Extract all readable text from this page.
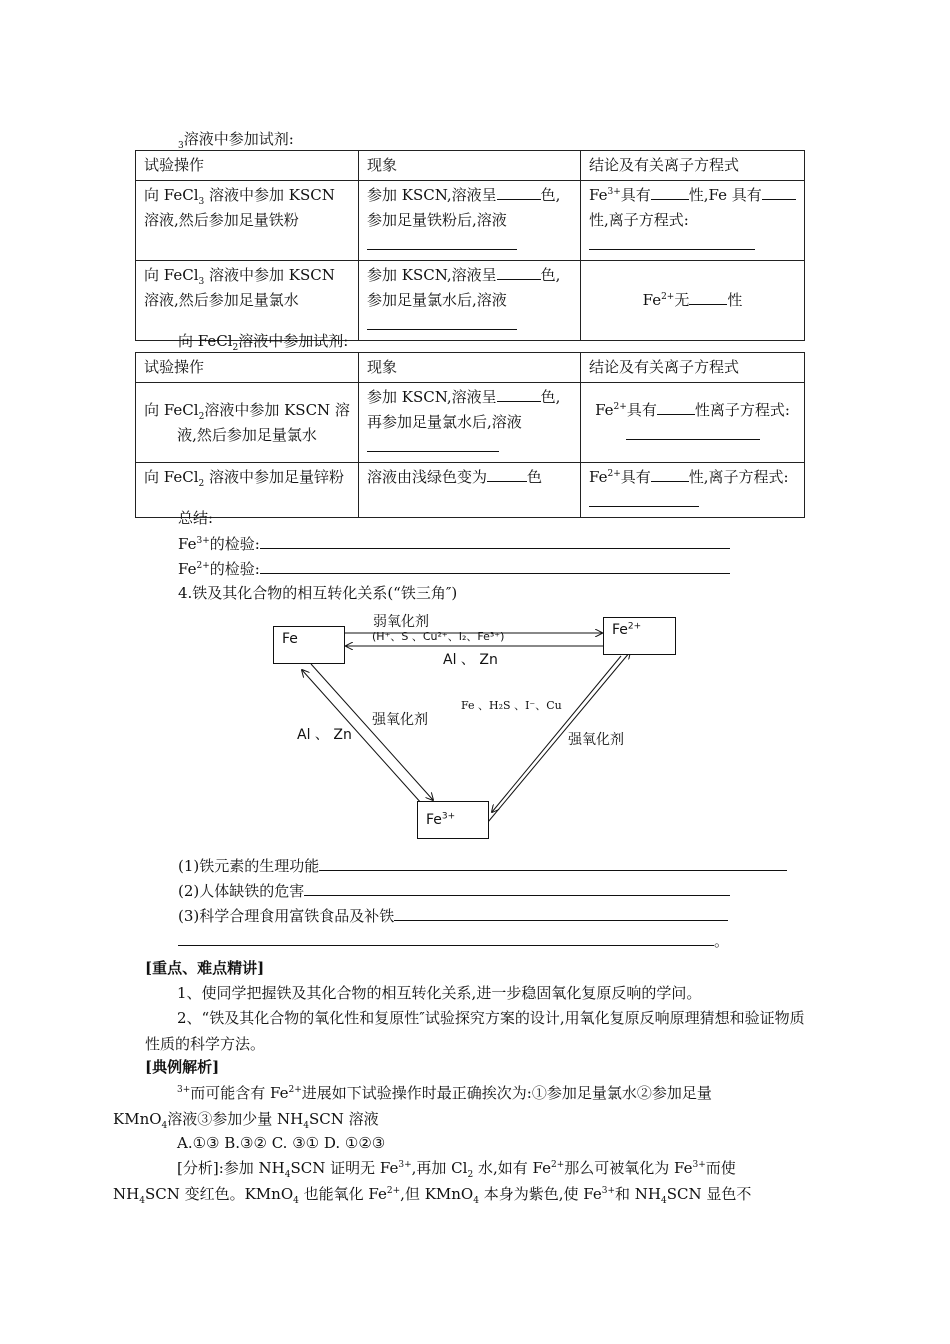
$_3$溶液中参加试剂:
试验操作	现象	结论及有关离子方程式
向 FeCl$_3$ 溶液中参加 KSCN 溶液,然后参加足量铁粉	参加 KSCN,溶液呈 色,参加足量铁粉后,溶液	$Fe^{3+}$具有 性,Fe 具有性,离子方程式:

向 FeCl$_3$ 溶液中参加 KSCN 溶液,然后参加足量氯水	参加 KSCN,溶液呈 色,参加足量氯水后,溶液	$Fe^{2+}$无 性
向 FeCl$_2$溶液中参加试剂:
试验操作	现象	结论及有关离子方程式
向 FeCl$_2$溶液中参加 KSCN 溶液,然后参加足量氯水	参加 KSCN,溶液呈 色,再参加足量氯水后,溶液	$Fe^{2+}$具有 性离子方程式:
向 FeCl$_2$ 溶液中参加足量锌粉	溶液由浅绿色变为 色	$Fe^{2+}$具有 性,离子方程式:
总结:
$Fe^{3+}$的检验:
$Fe^{2+}$的检验:
4.铁及其化合物的相互转化关系(“铁三角″)
Fe
$Fe^{2+}$
$Fe^{3+}$
弱氧化剂
(H⁺、S 、Cu²⁺、I₂、Fe³⁺)
Al 、 Zn
Al 、 Zn
强氧化剂
强氧化剂
Fe 、H₂S 、I⁻、Cu
(1)铁元素的生理功能
(2)人体缺铁的危害
(3)科学合理食用富铁食品及补铁
。
[重点、难点精讲]
1、使同学把握铁及其化合物的相互转化关系,进一步稳固氧化复原反响的学问。
2、“铁及其化合物的氧化性和复原性″试验探究方案的设计,用氧化复原反响原理猜想和验证物质性质的科学方法。
[典例解析]
$^{3+}$而可能含有 $Fe^{2+}$进展如下试验操作时最正确挨次为:①参加足量氯水②参加足量
KMnO$_4$溶液③参加少量 $NH_4SCN$ 溶液
A.①③ B.③② C. ③① D. ①②③
[分析]:参加 $NH_4SCN$ 证明无 $Fe^{3+}$,再加 $Cl_2$ 水,如有 $Fe^{2+}$那么可被氧化为 $Fe^{3+}$而使
$NH_4SCN$ 变红色。KMnO$_4$ 也能氧化 $Fe^{2+}$,但 KMnO$_4$ 本身为紫色,使 $Fe^{3+}$和 $NH_4SCN$ 显色不
